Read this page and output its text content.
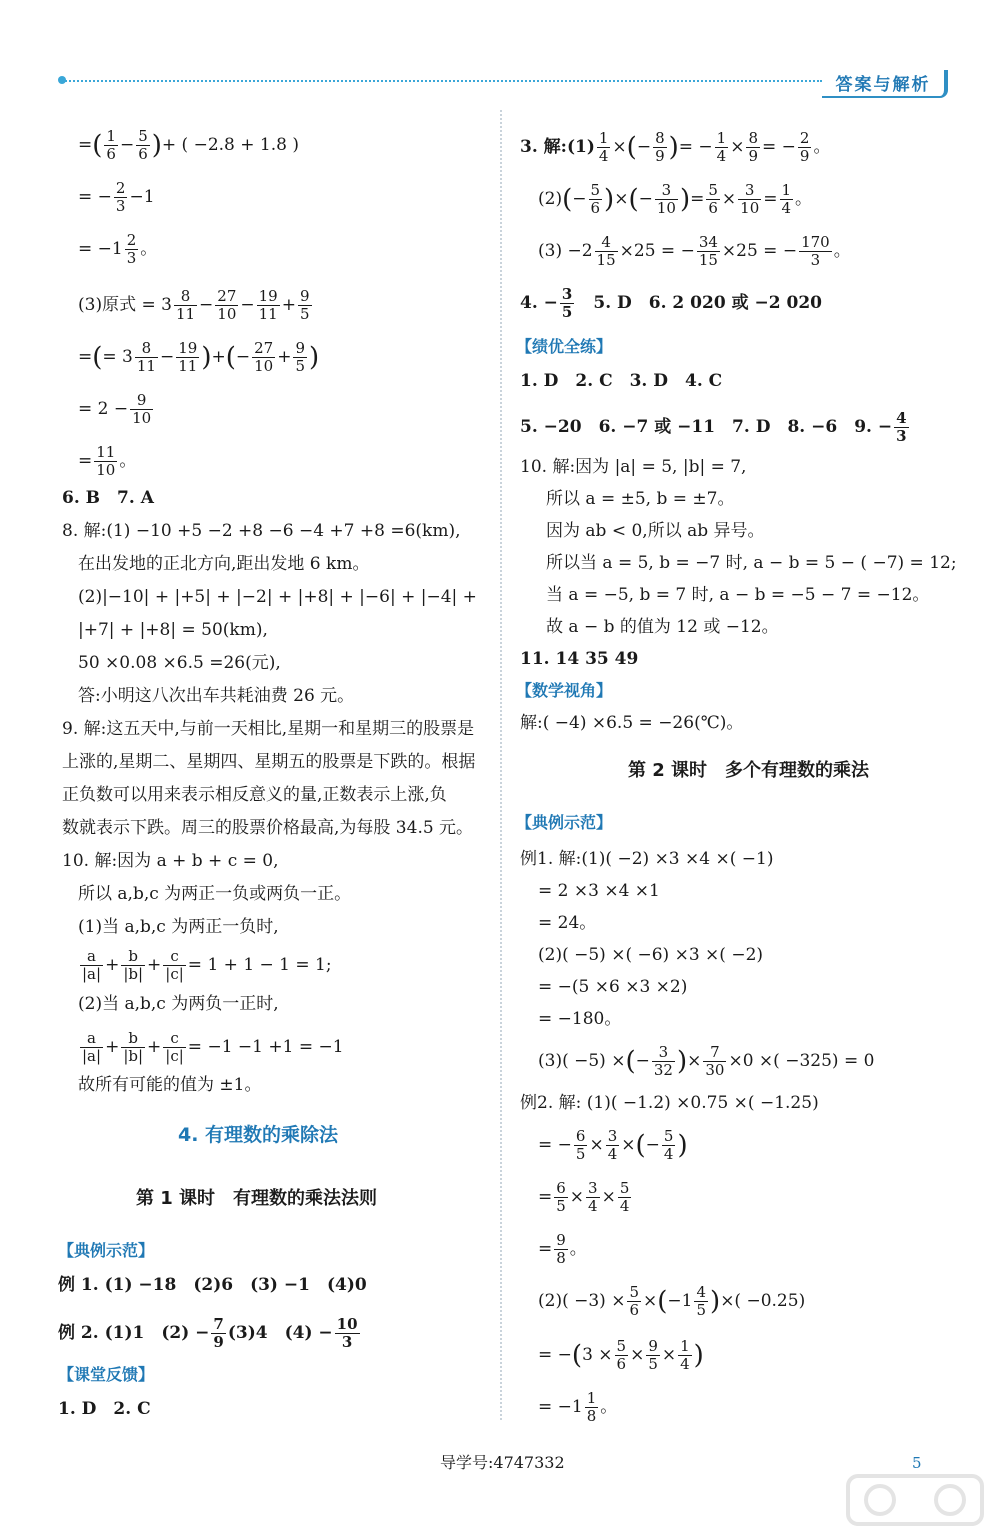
答案与解析
=( $\frac{1}{6} - \frac{5}{6}$ )+ ( −2.8 + 1.8 )
= − $\frac{2}{3} -1$
= $-1 \frac{2}{3}$ 。
(3)原式 = $3 \frac{8}{11} - \frac{27}{10} - \frac{19}{11} + \frac{9}{5}$
=(= $3 \frac{8}{11} - \frac{19}{11}$ )+(− $\frac{27}{10} + \frac{9}{5}$ )
= $2 - \frac{9}{10}$
= $\frac{11}{10}$ 。
6. B　7. A
8. 解:(1) −10 +5 −2 +8 −6 −4 +7 +8 =6(km),
在出发地的正北方向,距出发地 6 km。
(2)|−10| + |+5| + |−2| + |+8| + |−6| + |−4| +
|+7| + |+8| = 50(km),
50 ×0.08 ×6.5 =26(元),
答:小明这八次出车共耗油费 26 元。
9. 解:这五天中,与前一天相比,星期一和星期三的股票是
上涨的,星期二、星期四、星期五的股票是下跌的。根据
正负数可以用来表示相反意义的量,正数表示上涨,负
数就表示下跌。周三的股票价格最高,为每股 34.5 元。
10. 解:因为 a + b + c = 0,
所以 a,b,c 为两正一负或两负一正。
(1)当 a,b,c 为两正一负时,
$\frac{a}{|a|} + \frac{b}{|b|} + \frac{c}{|c|} = 1 + 1 - 1 = 1$;
(2)当 a,b,c 为两负一正时,
$\frac{a}{|a|} + \frac{b}{|b|} + \frac{c}{|c|} = -1 -1 +1 = -1$
故所有可能的值为 ±1。
4. 有理数的乘除法
第 1 课时　有理数的乘法法则
【典例示范】
例 1. (1) −18　(2)6　(3) −1　(4)0
例 2. (1)1　$(2) - \frac{7}{9} (3)4$　$(4) - \frac{10}{3}$
【课堂反馈】
1. D　2. C
3. 解:(1) $\frac{1}{4}$ ×(− $\frac{8}{9}$ )= − $\frac{1}{4} \times \frac{8}{9}$ = − $\frac{2}{9}$ 。
$(2)(- \frac{5}{6}$ )×(− $\frac{3}{10}$ )= $\frac{5}{6} \times \frac{3}{10} = \frac{1}{4}$ 。
$(3) -2 \frac{4}{15} \times 25$ = − $\frac{34}{15} \times 25$ = − $\frac{170}{3}$ 。
4. − $\frac{3}{5}$
　 5. D　6. 2 020 或 −2 020
【绩优全练】
1. D　2. C　3. D　4. C
5. −20　6. −7 或 −11　7. D　8. −6　9. − $\frac{4}{3}$
10. 解:因为 |a| = 5, |b| = 7,
所以 a = ±5, b = ±7。
因为 ab < 0,所以 ab 异号。
所以当 a = 5, b = −7 时, a − b = 5 − ( −7) = 12;
当 a = −5, b = 7 时, a − b = −5 − 7 = −12。
故 a − b 的值为 12 或 −12。
11. 14 35 49
【数学视角】
解:( −4) ×6.5 = −26(℃)。
第 2 课时　多个有理数的乘法
【典例示范】
例1. 解:(1)( −2) ×3 ×4 ×( −1)
= 2 ×3 ×4 ×1
= 24。
(2)( −5) ×( −6) ×3 ×( −2)
= −(5 ×6 ×3 ×2)
= −180。
(3)( −5) ×(− $\frac{3}{32}$ )× $\frac{7}{30} \times 0$ ×( −325) = 0
例2. 解: (1)( −1.2) ×0.75 ×( −1.25)
= − $\frac{6}{5} \times \frac{3}{4}$ ×(− $\frac{5}{4}$ )
= $\frac{6}{5} \times \frac{3}{4} \times \frac{5}{4}$
= $\frac{9}{8}$ 。
$(2)( -3) \times \frac{5}{6} \times(-1 \frac{4}{5}$ )×( −0.25)
= $-(3 \times \frac{5}{6} \times \frac{9}{5} \times \frac{1}{4}$ )
= $-1 \frac{1}{8}$ 。
导学号:4747332	5
